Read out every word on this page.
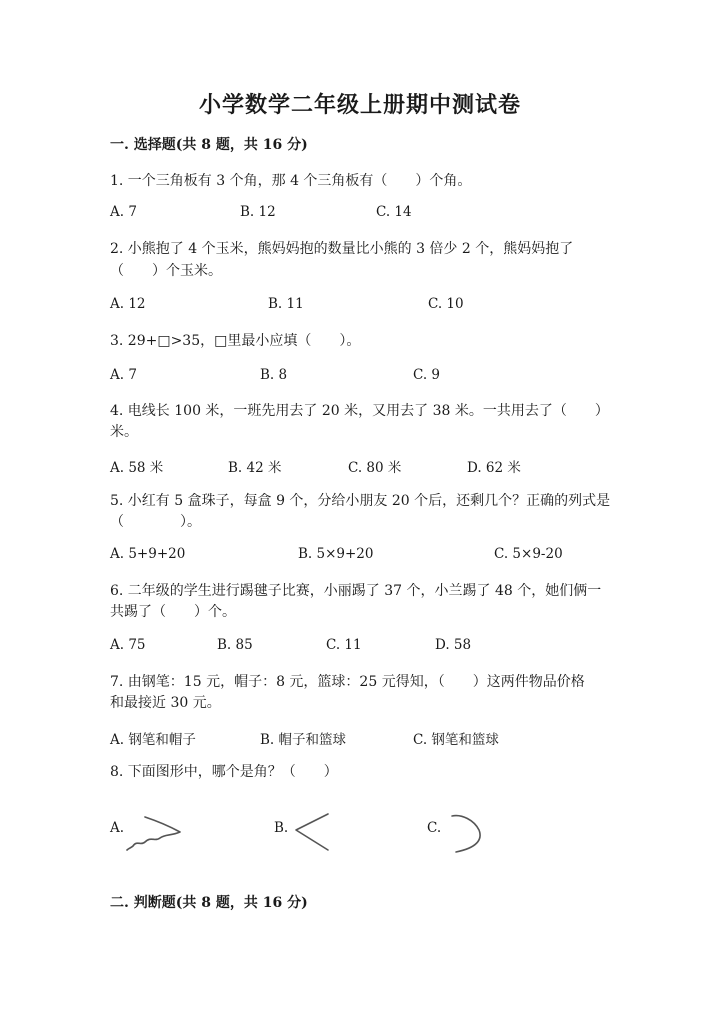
小学数学二年级上册期中测试卷
一. 选择题(共 8 题，共 16 分)
1. 一个三角板有 3 个角，那 4 个三角板有（　　）个角。
A. 7	B. 12	C. 14
2. 小熊抱了 4 个玉米，熊妈妈抱的数量比小熊的 3 倍少 2 个，熊妈妈抱了
（　　）个玉米。
A. 12	B. 11	C. 10
3. 29+□>35，□里最小应填（　　）。
A. 7	B. 8	C. 9
4. 电线长 100 米，一班先用去了 20 米，又用去了 38 米。一共用去了（　　）
米。
A. 58 米	B. 42 米	C. 80 米	D. 62 米
5. 小红有 5 盒珠子，每盒 9 个，分给小朋友 20 个后，还剩几个？正确的列式是
（　　　　）。
A. 5+9+20	B. 5×9+20	C. 5×9-20
6. 二年级的学生进行踢毽子比赛，小丽踢了 37 个，小兰踢了 48 个，她们俩一
共踢了（　　）个。
A. 75	B. 85	C. 11	D. 58
7. 由钢笔：15 元，帽子：8 元，篮球：25 元得知，（　　）这两件物品价格
和最接近 30 元。
A. 钢笔和帽子	B. 帽子和篮球	C. 钢笔和篮球
8. 下面图形中，哪个是角？（　　）
A.	B.	C.
二. 判断题(共 8 题，共 16 分)
